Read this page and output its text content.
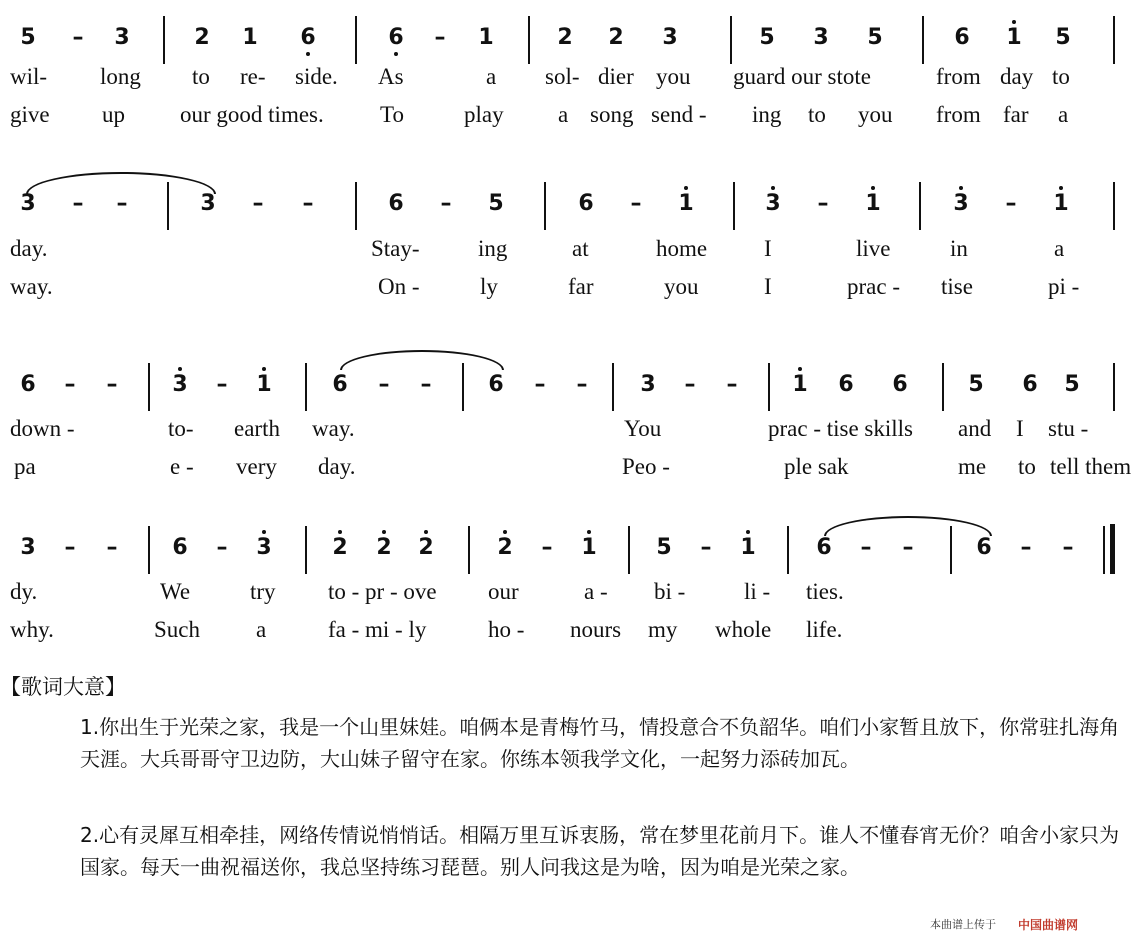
5 – 3	2 1 6	6 – 1	2 2 3	5 3 5	6 1 5
wil- long to re- side. As	a sol- dier you guard our stote	from day to
give up our good times. To	play a song send - ing to you from far a
3 – –	3 – –	6 – 5	6 – 1	3 – 1	3 – 1
day.	Stay-	ing	at	home I	live	in	a
way.	On -	ly	far	you	I	prac - tise	pi -
6 – – 3 – 1	6 – –	6 – – 3 – – 1 6 6	5 6 5
down -	to- earth way.	You	prac - tise skills and I stu -
pa	e - very day.	Peo -	ple sak	me to tell them
3 – – 6 – 3	2 2 2	2 – 1	5 – 1	6 – –	6 – –
dy.	We	try to - pr - ove our	a - bi -	li - ties.
why.	Such a	fa - mi - ly	ho - nours my whole life.
【歌词大意】
1.你出生于光荣之家，我是一个山里妹娃。咱俩本是青梅竹马，情投意合不负韶华。咱们小家暂且放下，你常驻扎海角天涯。大兵哥哥守卫边防，大山妹子留守在家。你练本领我学文化，一起努力添砖加瓦。
2.心有灵犀互相牵挂，网络传情说悄悄话。相隔万里互诉衷肠，常在梦里花前月下。谁人不懂春宵无价？咱舍小家只为国家。每天一曲祝福送你，我总坚持练习琵琶。别人问我这是为啥，因为咱是光荣之家。
本曲谱上传于 中国曲谱网
